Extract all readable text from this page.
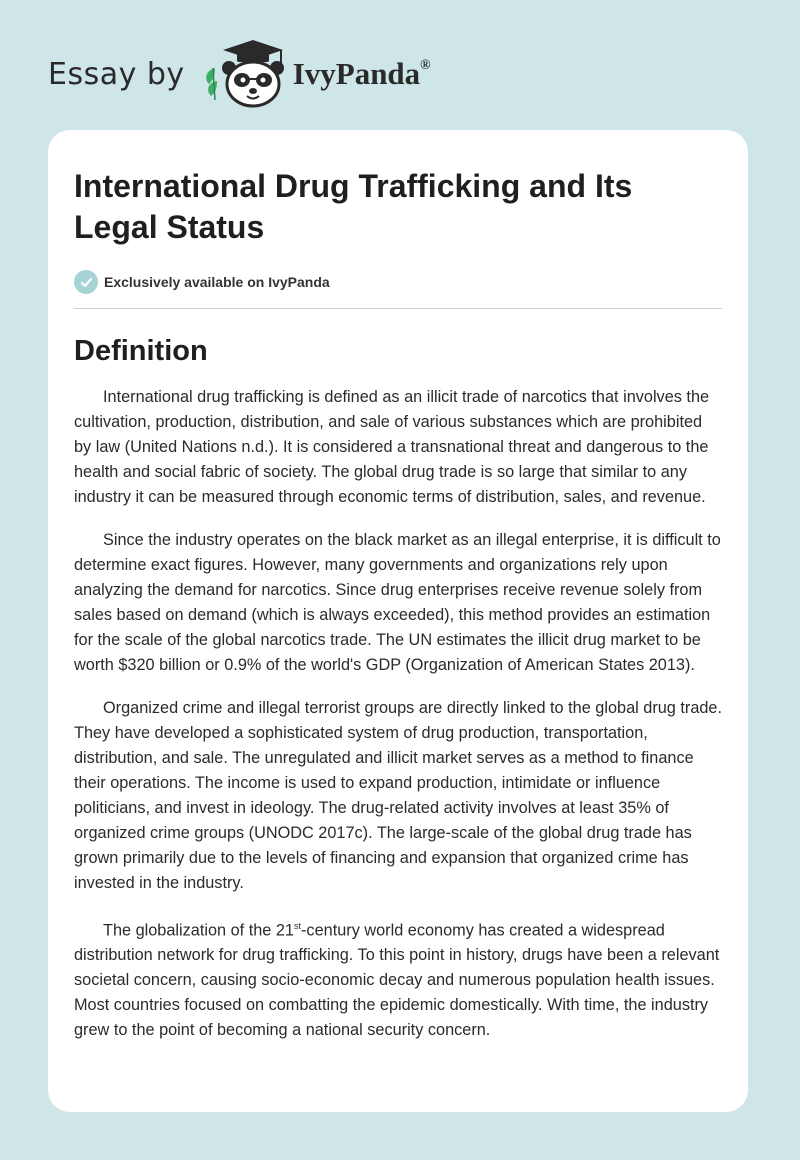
Essay by	IvyPanda®
International Drug Trafficking and Its Legal Status
Exclusively available on IvyPanda
Definition

International drug trafficking is defined as an illicit trade of narcotics that involves the cultivation, production, distribution, and sale of various substances which are prohibited by law (United Nations n.d.). It is considered a transnational threat and dangerous to the health and social fabric of society. The global drug trade is so large that similar to any industry it can be measured through economic terms of distribution, sales, and revenue.

Since the industry operates on the black market as an illegal enterprise, it is difficult to determine exact figures. However, many governments and organizations rely upon analyzing the demand for narcotics. Since drug enterprises receive revenue solely from sales based on demand (which is always exceeded), this method provides an estimation for the scale of the global narcotics trade. The UN estimates the illicit drug market to be worth $320 billion or 0.9% of the world's GDP (Organization of American States 2013).

Organized crime and illegal terrorist groups are directly linked to the global drug trade. They have developed a sophisticated system of drug production, transportation, distribution, and sale. The unregulated and illicit market serves as a method to finance their operations. The income is used to expand production, intimidate or influence politicians, and invest in ideology. The drug-related activity involves at least 35% of organized crime groups (UNODC 2017c). The large-scale of the global drug trade has grown primarily due to the levels of financing and expansion that organized crime has invested in the industry.

The globalization of the 21st-century world economy has created a widespread distribution network for drug trafficking. To this point in history, drugs have been a relevant societal concern, causing socio-economic decay and numerous population health issues. Most countries focused on combatting the epidemic domestically. With time, the industry grew to the point of becoming a national security concern.
